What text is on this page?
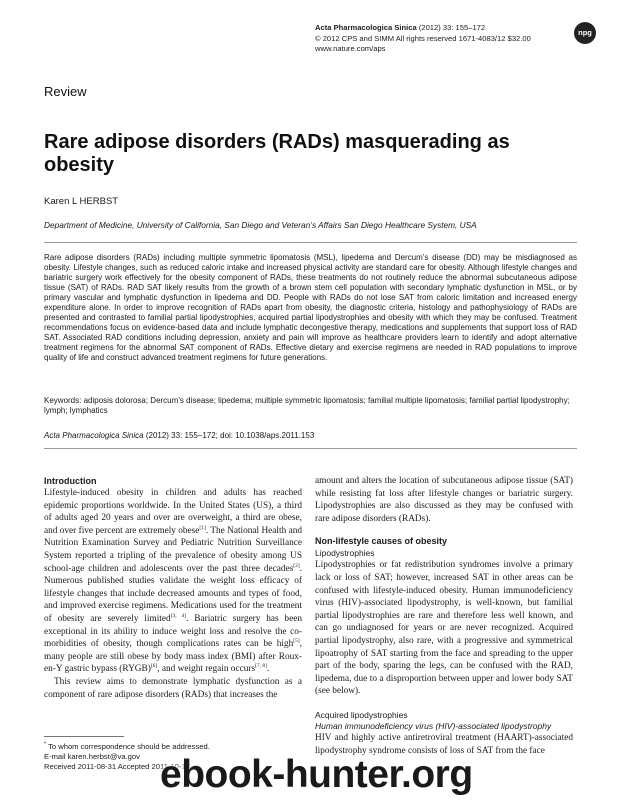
Acta Pharmacologica Sinica (2012) 33: 155–172
© 2012 CPS and SIMM All rights reserved 1671-4083/12 $32.00
www.nature.com/aps
npg
Review
Rare adipose disorders (RADs) masquerading as obesity
Karen L HERBST
Department of Medicine, University of California, San Diego and Veteran’s Affairs San Diego Healthcare System, USA

Rare adipose disorders (RADs) including multiple symmetric lipomatosis (MSL), lipedema and Dercum’s disease (DD) may be misdiagnosed as obesity. Lifestyle changes, such as reduced caloric intake and increased physical activity are standard care for obesity. Although lifestyle changes and bariatric surgery work effectively for the obesity component of RADs, these treatments do not routinely reduce the abnormal subcutaneous adipose tissue (SAT) of RADs. RAD SAT likely results from the growth of a brown stem cell population with secondary lymphatic dysfunction in MSL, or by primary vascular and lymphatic dysfunction in lipedema and DD. People with RADs do not lose SAT from caloric limitation and increased energy expenditure alone. In order to improve recognition of RADs apart from obesity, the diagnostic criteria, histology and pathophysiology of RADs are presented and contrasted to familial partial lipodystrophies, acquired partial lipodystrophies and obesity with which they may be confused. Treatment recommendations focus on evidence-based data and include lymphatic decongestive therapy, medications and supplements that support loss of RAD SAT. Associated RAD conditions including depression, anxiety and pain will improve as healthcare providers learn to identify and adopt alternative treatment regimens for the abnormal SAT component of RADs. Effective dietary and exercise regimens are needed in RAD populations to improve quality of life and construct advanced treatment regimens for future generations.

Keywords: adiposis dolorosa; Dercum’s disease; lipedema; multiple symmetric lipomatosis; familial multiple lipomatosis; familial partial lipodystrophy; lymph; lymphatics

Acta Pharmacologica Sinica (2012) 33: 155–172; doi: 10.1038/aps.2011.153
Introduction

Lifestyle-induced obesity in children and adults has reached epidemic proportions worldwide. In the United States (US), a third of adults aged 20 years and over are overweight, a third are obese, and over five percent are extremely obese[1]. The National Health and Nutrition Examination Survey and Pediatric Nutrition Surveillance System reported a tripling of the prevalence of obesity among US school-age children and adolescents over the past three decades[2]. Numerous published studies validate the weight loss efficacy of lifestyle changes that include decreased amounts and types of food, and improved exercise regimens. Medications used for the treatment of obesity are severely limited[3, 4]. Bariatric surgery has been exceptional in its ability to induce weight loss and resolve the co-morbidities of obesity, though complications rates can be high[5], many people are still obese by body mass index (BMI) after Roux-en-Y gastric bypass (RYGB)[6], and weight regain occurs[7, 8].

This review aims to demonstrate lymphatic dysfunction as a component of rare adipose disorders (RADs) that increases the

* To whom correspondence should be addressed.
E-mail karen.herbst@va.gov
Received 2011-08-31 Accepted 2011-10-14

amount and alters the location of subcutaneous adipose tissue (SAT) while resisting fat loss after lifestyle changes or bariatric surgery. Lipodystrophies are also discussed as they may be confused with rare adipose disorders (RADs).

Non-lifestyle causes of obesity
Lipodystrophies

Lipodystrophies or fat redistribution syndromes involve a primary lack or loss of SAT; however, increased SAT in other areas can be confused with lifestyle-induced obesity. Human immunodeficiency virus (HIV)-associated lipodystrophy, is well-known, but familial partial lipodystrophies are rare and therefore less well known, and can go undiagnosed for years or are never recognized. Acquired partial lipodystrophy, also rare, with a progressive and symmetrical lipoatrophy of SAT starting from the face and spreading to the upper part of the body, sparing the legs, can be confused with the RAD, lipedema, due to a disproportion between upper and lower body SAT (see below).

Acquired lipodystrophies
Human immunodeficiency virus (HIV)-associated lipodystrophy

HIV and highly active antiretroviral treatment (HAART)-associated lipodystrophy syndrome consists of loss of SAT from the face

ebook-hunter.org
